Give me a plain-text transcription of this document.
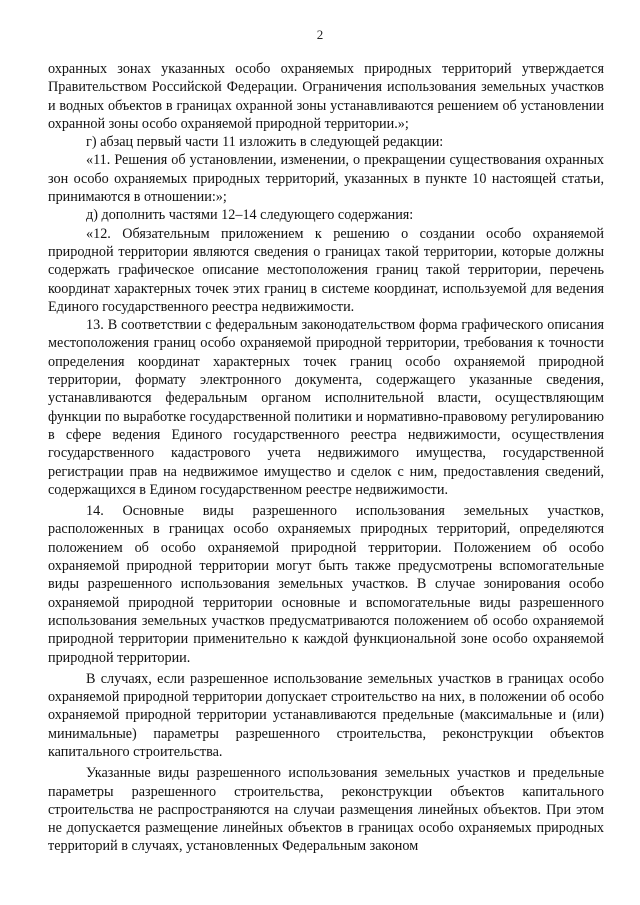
2

охранных зонах указанных особо охраняемых природных территорий утверждается Правительством Российской Федерации. Ограничения использования земельных участков и водных объектов в границах охранной зоны устанавливаются решением об установлении охранной зоны особо охраняемой природной территории.»;

г) абзац первый части 11 изложить в следующей редакции:

«11. Решения об установлении, изменении, о прекращении существования охранных зон особо охраняемых природных территорий, указанных в пункте 10 настоящей статьи, принимаются в отношении:»;

д) дополнить частями 12–14 следующего содержания:

«12. Обязательным приложением к решению о создании особо охраняемой природной территории являются сведения о границах такой территории, которые должны содержать графическое описание местоположения границ такой территории, перечень координат характерных точек этих границ в системе координат, используемой для ведения Единого государственного реестра недвижимости.

13. В соответствии с федеральным законодательством форма графического описания местоположения границ особо охраняемой природной территории, требования к точности определения координат характерных точек границ особо охраняемой природной территории, формату электронного документа, содержащего указанные сведения, устанавливаются федеральным органом исполнительной власти, осуществляющим функции по выработке государственной политики и нормативно-правовому регулированию в сфере ведения Единого государственного реестра недвижимости, осуществления государственного кадастрового учета недвижимого имущества, государственной регистрации прав на недвижимое имущество и сделок с ним, предоставления сведений, содержащихся в Едином государственном реестре недвижимости.

14. Основные виды разрешенного использования земельных участков, расположенных в границах особо охраняемых природных территорий, определяются положением об особо охраняемой природной территории. Положением об особо охраняемой природной территории могут быть также предусмотрены вспомогательные виды разрешенного использования земельных участков. В случае зонирования особо охраняемой природной территории основные и вспомогательные виды разрешенного использования земельных участков предусматриваются положением об особо охраняемой природной территории применительно к каждой функциональной зоне особо охраняемой природной территории.

В случаях, если разрешенное использование земельных участков в границах особо охраняемой природной территории допускает строительство на них, в положении об особо охраняемой природной территории устанавливаются предельные (максимальные и (или) минимальные) параметры разрешенного строительства, реконструкции объектов капитального строительства.

Указанные виды разрешенного использования земельных участков и предельные параметры разрешенного строительства, реконструкции объектов капитального строительства не распространяются на случаи размещения линейных объектов. При этом не допускается размещение линейных объектов в границах особо охраняемых природных территорий в случаях, установленных Федеральным законом
